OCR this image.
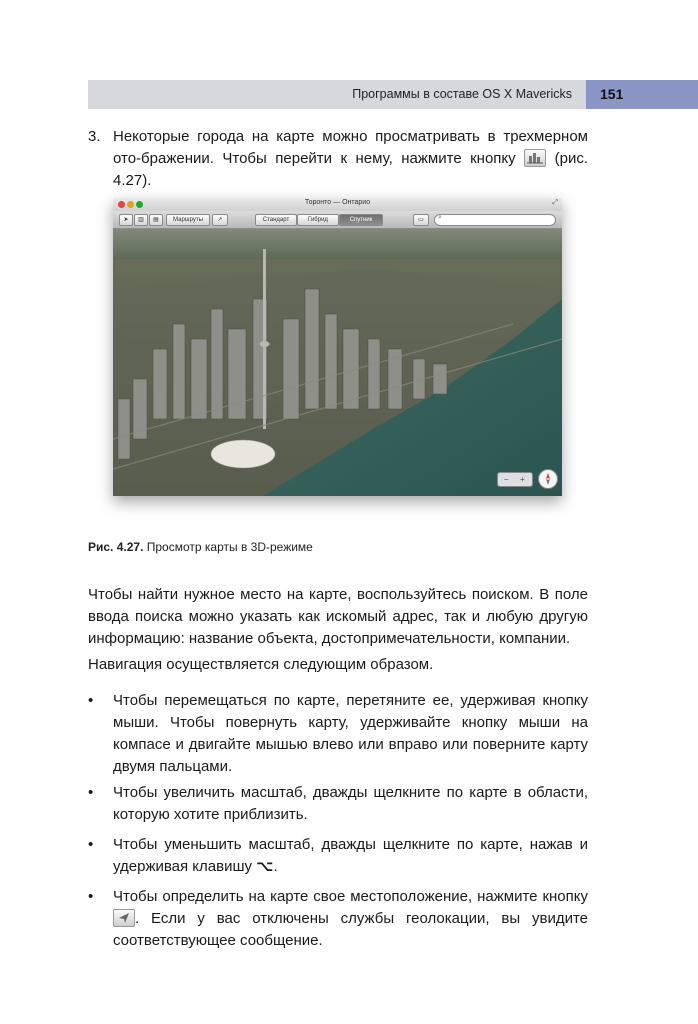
Программы в составе OS X Mavericks 151
3. Некоторые города на карте можно просматривать в трехмерном ото-бражении. Чтобы перейти к нему, нажмите кнопку  (рис. 4.27).
Торонто — Онтарио	⤢
➤	▥	▤	Маршруты	↗	Стандарт	Гибрид	Спутник	▭	⌕
− +
Рис. 4.27. Просмотр карты в 3D-режиме
Чтобы найти нужное место на карте, воспользуйтесь поиском. В поле ввода поиска можно указать как искомый адрес, так и любую другую информацию: название объекта, достопримечательности, компании.
Навигация осуществляется следующим образом.
• Чтобы перемещаться по карте, перетяните ее, удерживая кнопку мыши. Чтобы повернуть карту, удерживайте кнопку мыши на компасе и двигайте мышью влево или вправо или поверните карту двумя пальцами.
• Чтобы увеличить масштаб, дважды щелкните по карте в области, которую хотите приблизить.
• Чтобы уменьшить масштаб, дважды щелкните по карте, нажав и удерживая клавишу ⌥.
• Чтобы определить на карте свое местоположение, нажмите кнопку . Если у вас отключены службы геолокации, вы увидите соответствующее сообщение.
